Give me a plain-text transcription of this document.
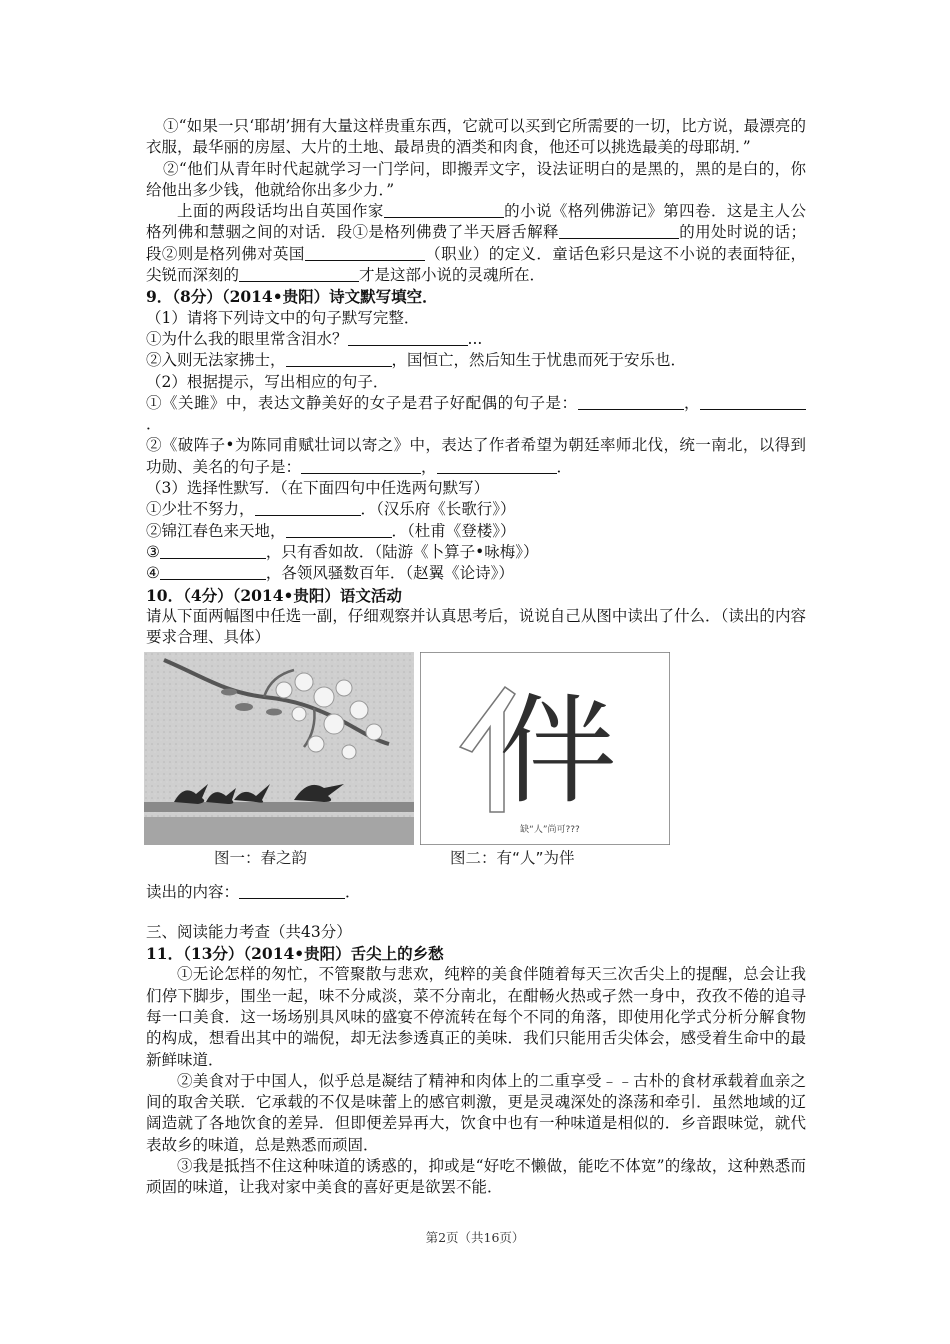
①“如果一只‘耶胡’拥有大量这样贵重东西，它就可以买到它所需要的一切，比方说，最漂亮的衣服，最华丽的房屋、大片的土地、最昂贵的酒类和肉食，他还可以挑选最美的母耶胡．”

②“他们从青年时代起就学习一门学问，即搬弄文字，设法证明白的是黑的，黑的是白的，你给他出多少钱，他就给你出多少力．”

上面的两段话均出自英国作家	的小说《格列佛游记》第四卷．这是主人公格列佛和慧骃之间的对话．段①是格列佛费了半天唇舌解释	的用处时说的话；段②则是格列佛对英国	（职业）的定义．童话色彩只是这不小说的表面特征，尖锐而深刻的	才是这部小说的灵魂所在．

9．（8分）（2014•贵阳）诗文默写填空．

（1）请将下列诗文中的句子默写完整．

①为什么我的眼里常含泪水？	...

②入则无法家拂士，	，国恒亡，然后知生于忧患而死于安乐也．

（2）根据提示，写出相应的句子．

①《关雎》中，表达文静美好的女子是君子好配偶的句子是：	，．

②《破阵子•为陈同甫赋壮词以寄之》中，表达了作者希望为朝廷率师北伐，统一南北，以得到功勋、美名的句子是：	，	．

（3）选择性默写．（在下面四句中任选两句默写）

①少壮不努力，	．（汉乐府《长歌行》）

②锦江春色来天地，	．（杜甫《登楼》）

③	，只有香如故．（陆游《卜算子•咏梅》）

④	，各领风骚数百年．（赵翼《论诗》）

10．（4分）（2014•贵阳）语文活动

请从下面两幅图中任选一副，仔细观察并认真思考后，说说自己从图中读出了什么．（读出的内容要求合理、具体）

伴
缺“人”尚可???
图一：春之韵	图二：有“人”为伴

读出的内容：	．

三、阅读能力考查（共43分）

11．（13分）（2014•贵阳）舌尖上的乡愁

①无论怎样的匆忙，不管聚散与悲欢，纯粹的美食伴随着每天三次舌尖上的提醒，总会让我们停下脚步，围坐一起，味不分咸淡，菜不分南北，在酣畅火热或孑然一身中，孜孜不倦的追寻每一口美食．这一场场别具风味的盛宴不停流转在每个不同的角落，即使用化学式分析分解食物的构成，想看出其中的端倪，却无法参透真正的美味．我们只能用舌尖体会，感受着生命中的最新鲜味道．

②美食对于中国人，似乎总是凝结了精神和肉体上的二重享受﹣﹣古朴的食材承载着血亲之间的取舍关联．它承载的不仅是味蕾上的感官刺激，更是灵魂深处的涤荡和牵引．虽然地域的辽阔造就了各地饮食的差异．但即便差异再大，饮食中也有一种味道是相似的．乡音跟味觉，就代表故乡的味道，总是熟悉而顽固．

③我是抵挡不住这种味道的诱惑的，抑或是“好吃不懒做，能吃不体宽”的缘故，这种熟悉而顽固的味道，让我对家中美食的喜好更是欲罢不能．

第2页（共16页）
